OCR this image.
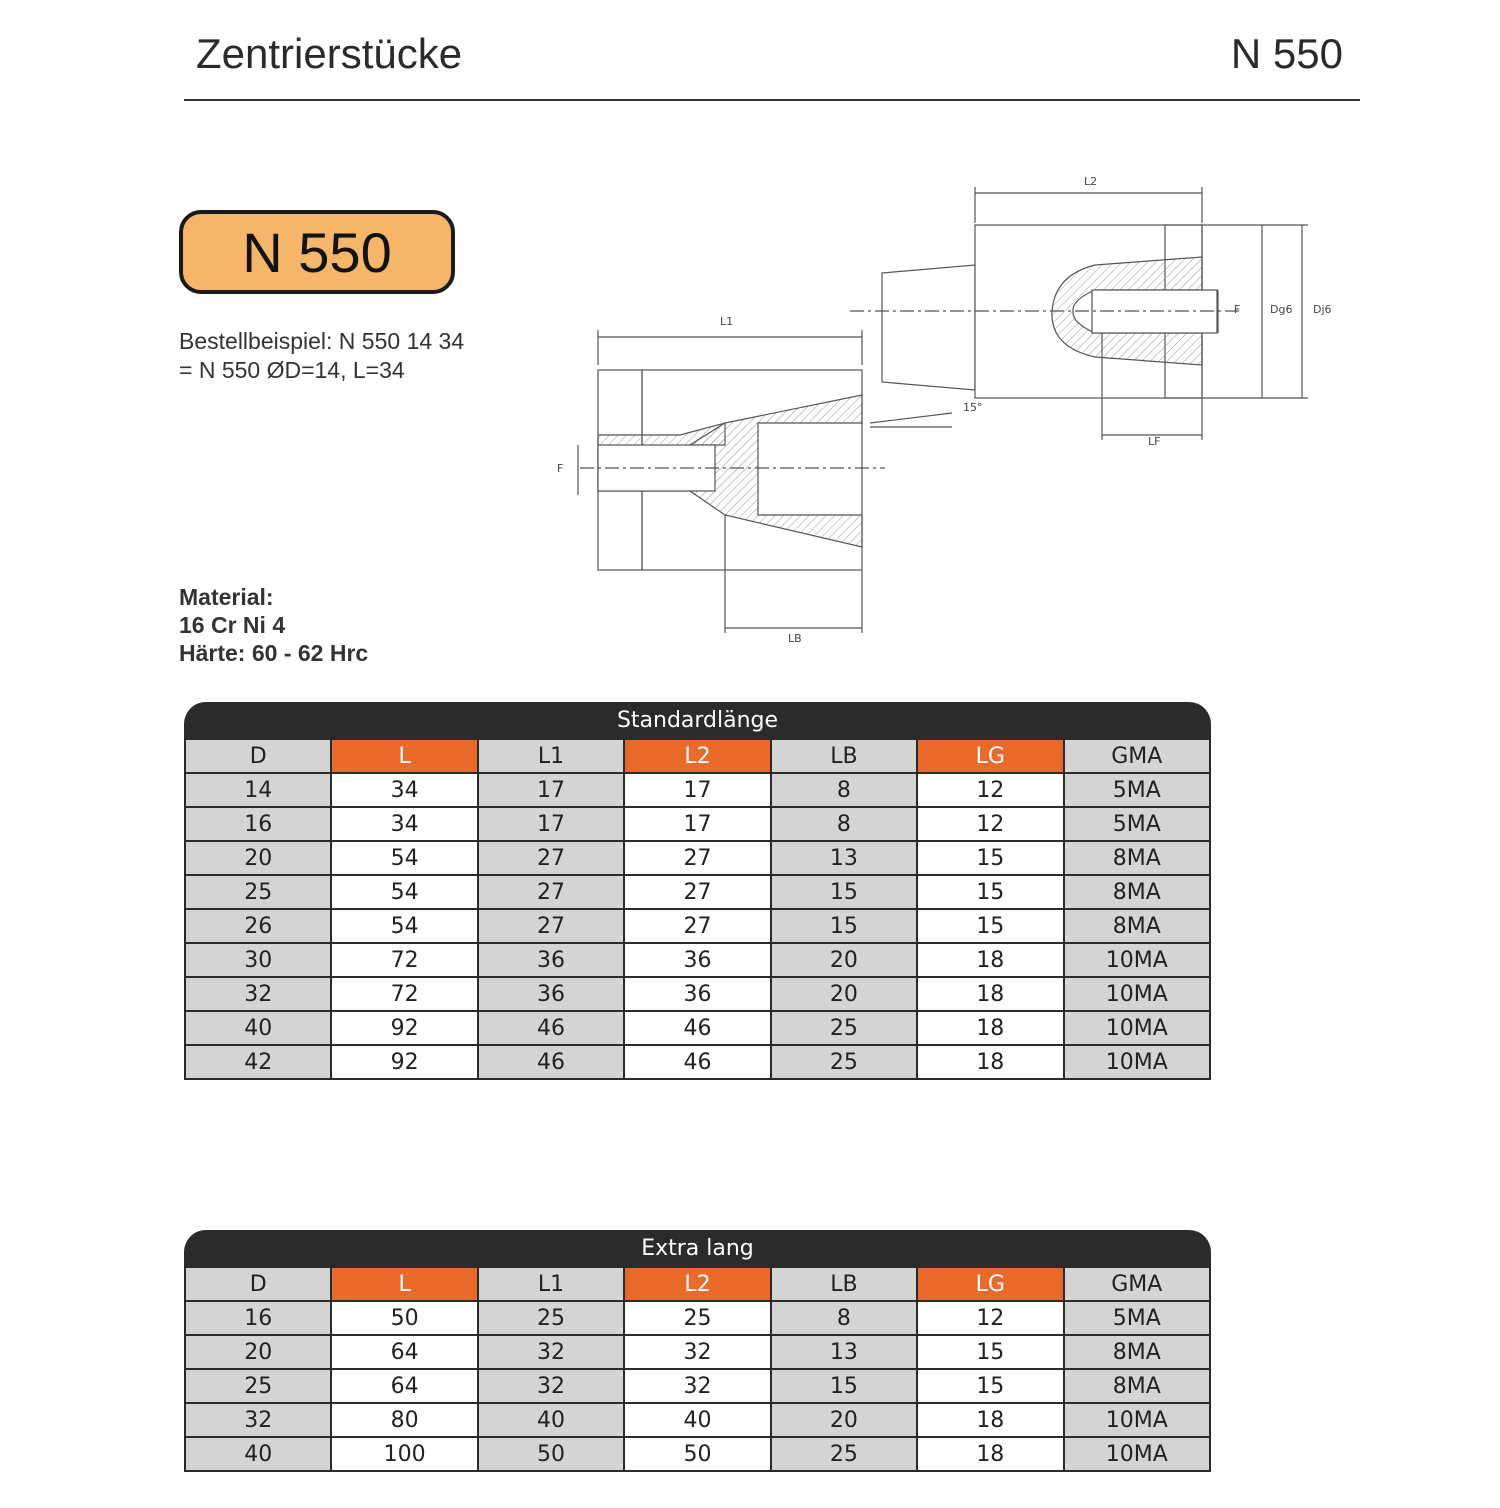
Zentrierstücke	N 550
N 550
Bestellbeispiel: N 550 14 34
= N 550 ØD=14, L=34
Material:
16 Cr Ni 4
Härte: 60 - 62 Hrc
L1
L2
LB
LF
F
F	Dg6 Dj6
15°
Standardlänge
D	L	L1	L2	LB	LG	GMA
14	34	17	17	8	12	5MA
16	34	17	17	8	12	5MA
20	54	27	27	13	15	8MA
25	54	27	27	15	15	8MA
26	54	27	27	15	15	8MA
30	72	36	36	20	18	10MA
32	72	36	36	20	18	10MA
40	92	46	46	25	18	10MA
42	92	46	46	25	18	10MA
Extra lang
D	L	L1	L2	LB	LG	GMA
16	50	25	25	8	12	5MA
20	64	32	32	13	15	8MA
25	64	32	32	15	15	8MA
32	80	40	40	20	18	10MA
40	100	50	50	25	18	10MA
